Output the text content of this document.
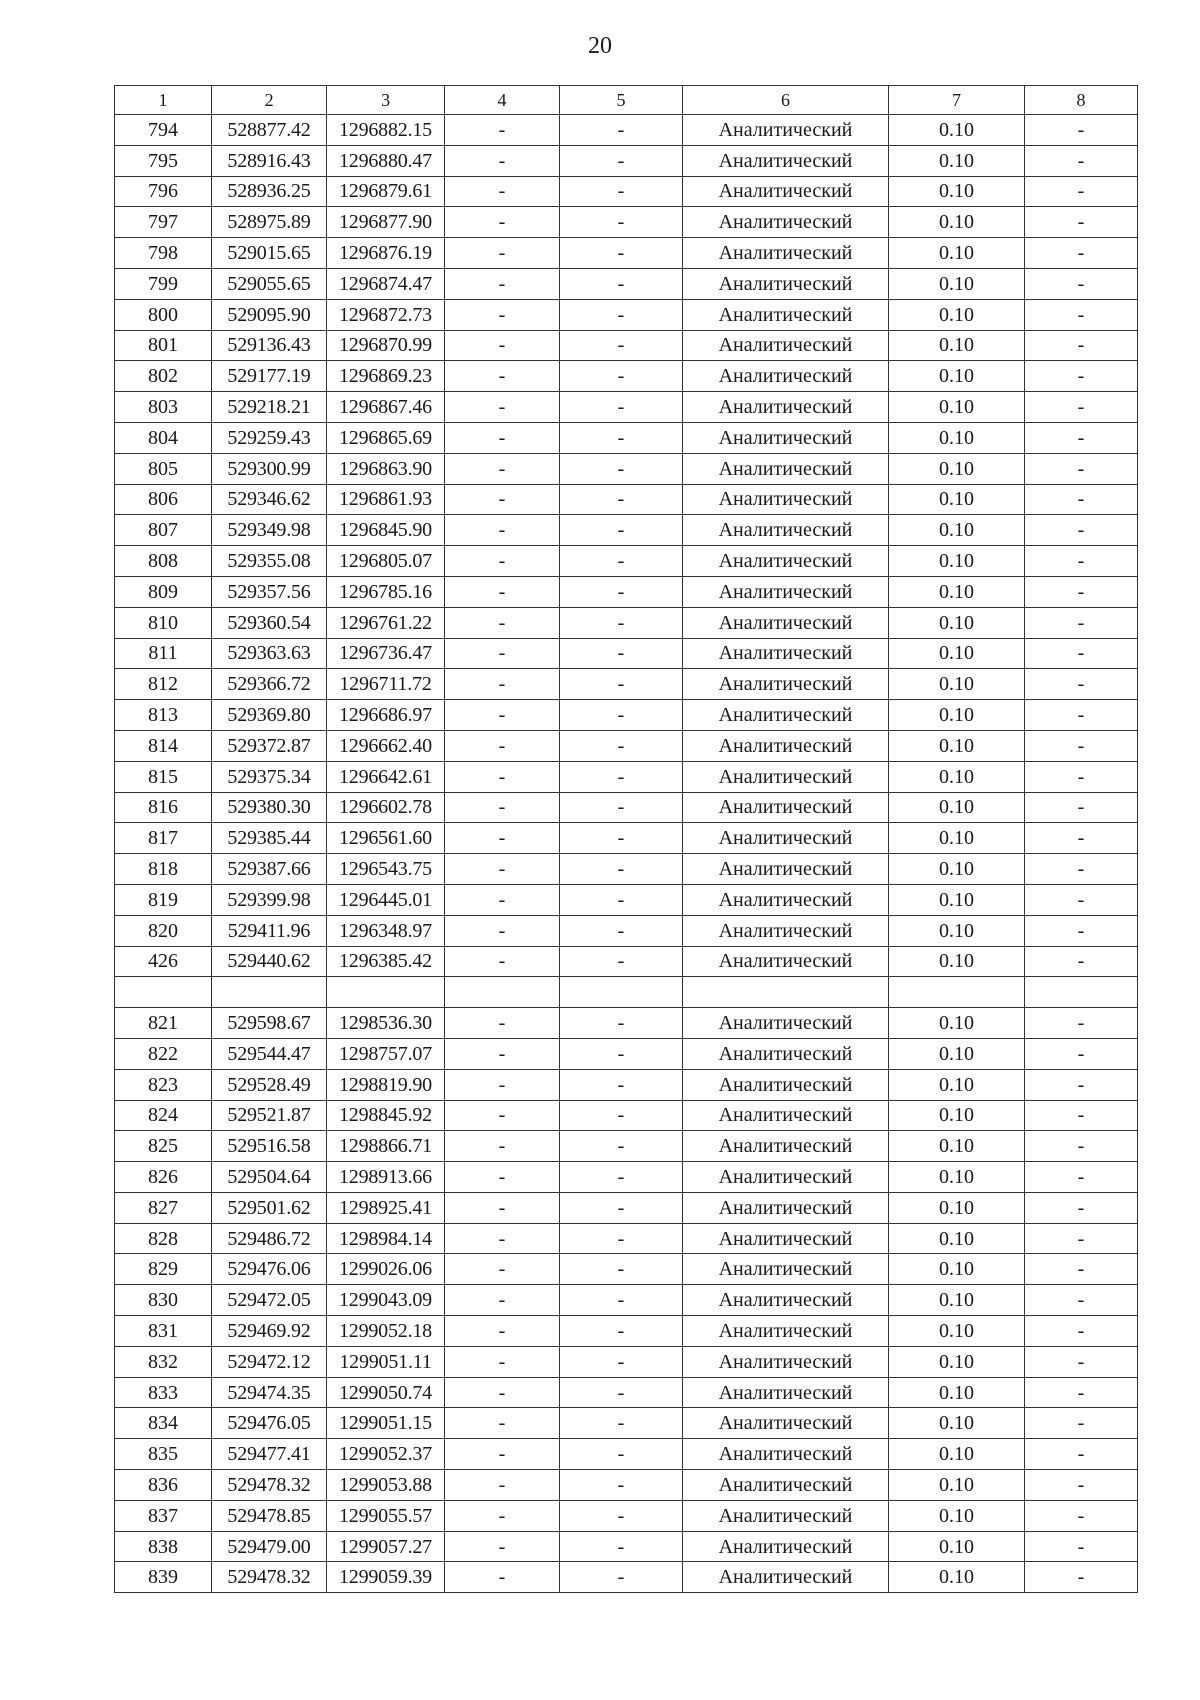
20
1	2	3	4	5	6	7	8
794	528877.42	1296882.15	-	-	Аналитический	0.10	-
795	528916.43	1296880.47	-	-	Аналитический	0.10	-
796	528936.25	1296879.61	-	-	Аналитический	0.10	-
797	528975.89	1296877.90	-	-	Аналитический	0.10	-
798	529015.65	1296876.19	-	-	Аналитический	0.10	-
799	529055.65	1296874.47	-	-	Аналитический	0.10	-
800	529095.90	1296872.73	-	-	Аналитический	0.10	-
801	529136.43	1296870.99	-	-	Аналитический	0.10	-
802	529177.19	1296869.23	-	-	Аналитический	0.10	-
803	529218.21	1296867.46	-	-	Аналитический	0.10	-
804	529259.43	1296865.69	-	-	Аналитический	0.10	-
805	529300.99	1296863.90	-	-	Аналитический	0.10	-
806	529346.62	1296861.93	-	-	Аналитический	0.10	-
807	529349.98	1296845.90	-	-	Аналитический	0.10	-
808	529355.08	1296805.07	-	-	Аналитический	0.10	-
809	529357.56	1296785.16	-	-	Аналитический	0.10	-
810	529360.54	1296761.22	-	-	Аналитический	0.10	-
811	529363.63	1296736.47	-	-	Аналитический	0.10	-
812	529366.72	1296711.72	-	-	Аналитический	0.10	-
813	529369.80	1296686.97	-	-	Аналитический	0.10	-
814	529372.87	1296662.40	-	-	Аналитический	0.10	-
815	529375.34	1296642.61	-	-	Аналитический	0.10	-
816	529380.30	1296602.78	-	-	Аналитический	0.10	-
817	529385.44	1296561.60	-	-	Аналитический	0.10	-
818	529387.66	1296543.75	-	-	Аналитический	0.10	-
819	529399.98	1296445.01	-	-	Аналитический	0.10	-
820	529411.96	1296348.97	-	-	Аналитический	0.10	-
426	529440.62	1296385.42	-	-	Аналитический	0.10	-

821	529598.67	1298536.30	-	-	Аналитический	0.10	-
822	529544.47	1298757.07	-	-	Аналитический	0.10	-
823	529528.49	1298819.90	-	-	Аналитический	0.10	-
824	529521.87	1298845.92	-	-	Аналитический	0.10	-
825	529516.58	1298866.71	-	-	Аналитический	0.10	-
826	529504.64	1298913.66	-	-	Аналитический	0.10	-
827	529501.62	1298925.41	-	-	Аналитический	0.10	-
828	529486.72	1298984.14	-	-	Аналитический	0.10	-
829	529476.06	1299026.06	-	-	Аналитический	0.10	-
830	529472.05	1299043.09	-	-	Аналитический	0.10	-
831	529469.92	1299052.18	-	-	Аналитический	0.10	-
832	529472.12	1299051.11	-	-	Аналитический	0.10	-
833	529474.35	1299050.74	-	-	Аналитический	0.10	-
834	529476.05	1299051.15	-	-	Аналитический	0.10	-
835	529477.41	1299052.37	-	-	Аналитический	0.10	-
836	529478.32	1299053.88	-	-	Аналитический	0.10	-
837	529478.85	1299055.57	-	-	Аналитический	0.10	-
838	529479.00	1299057.27	-	-	Аналитический	0.10	-
839	529478.32	1299059.39	-	-	Аналитический	0.10	-
